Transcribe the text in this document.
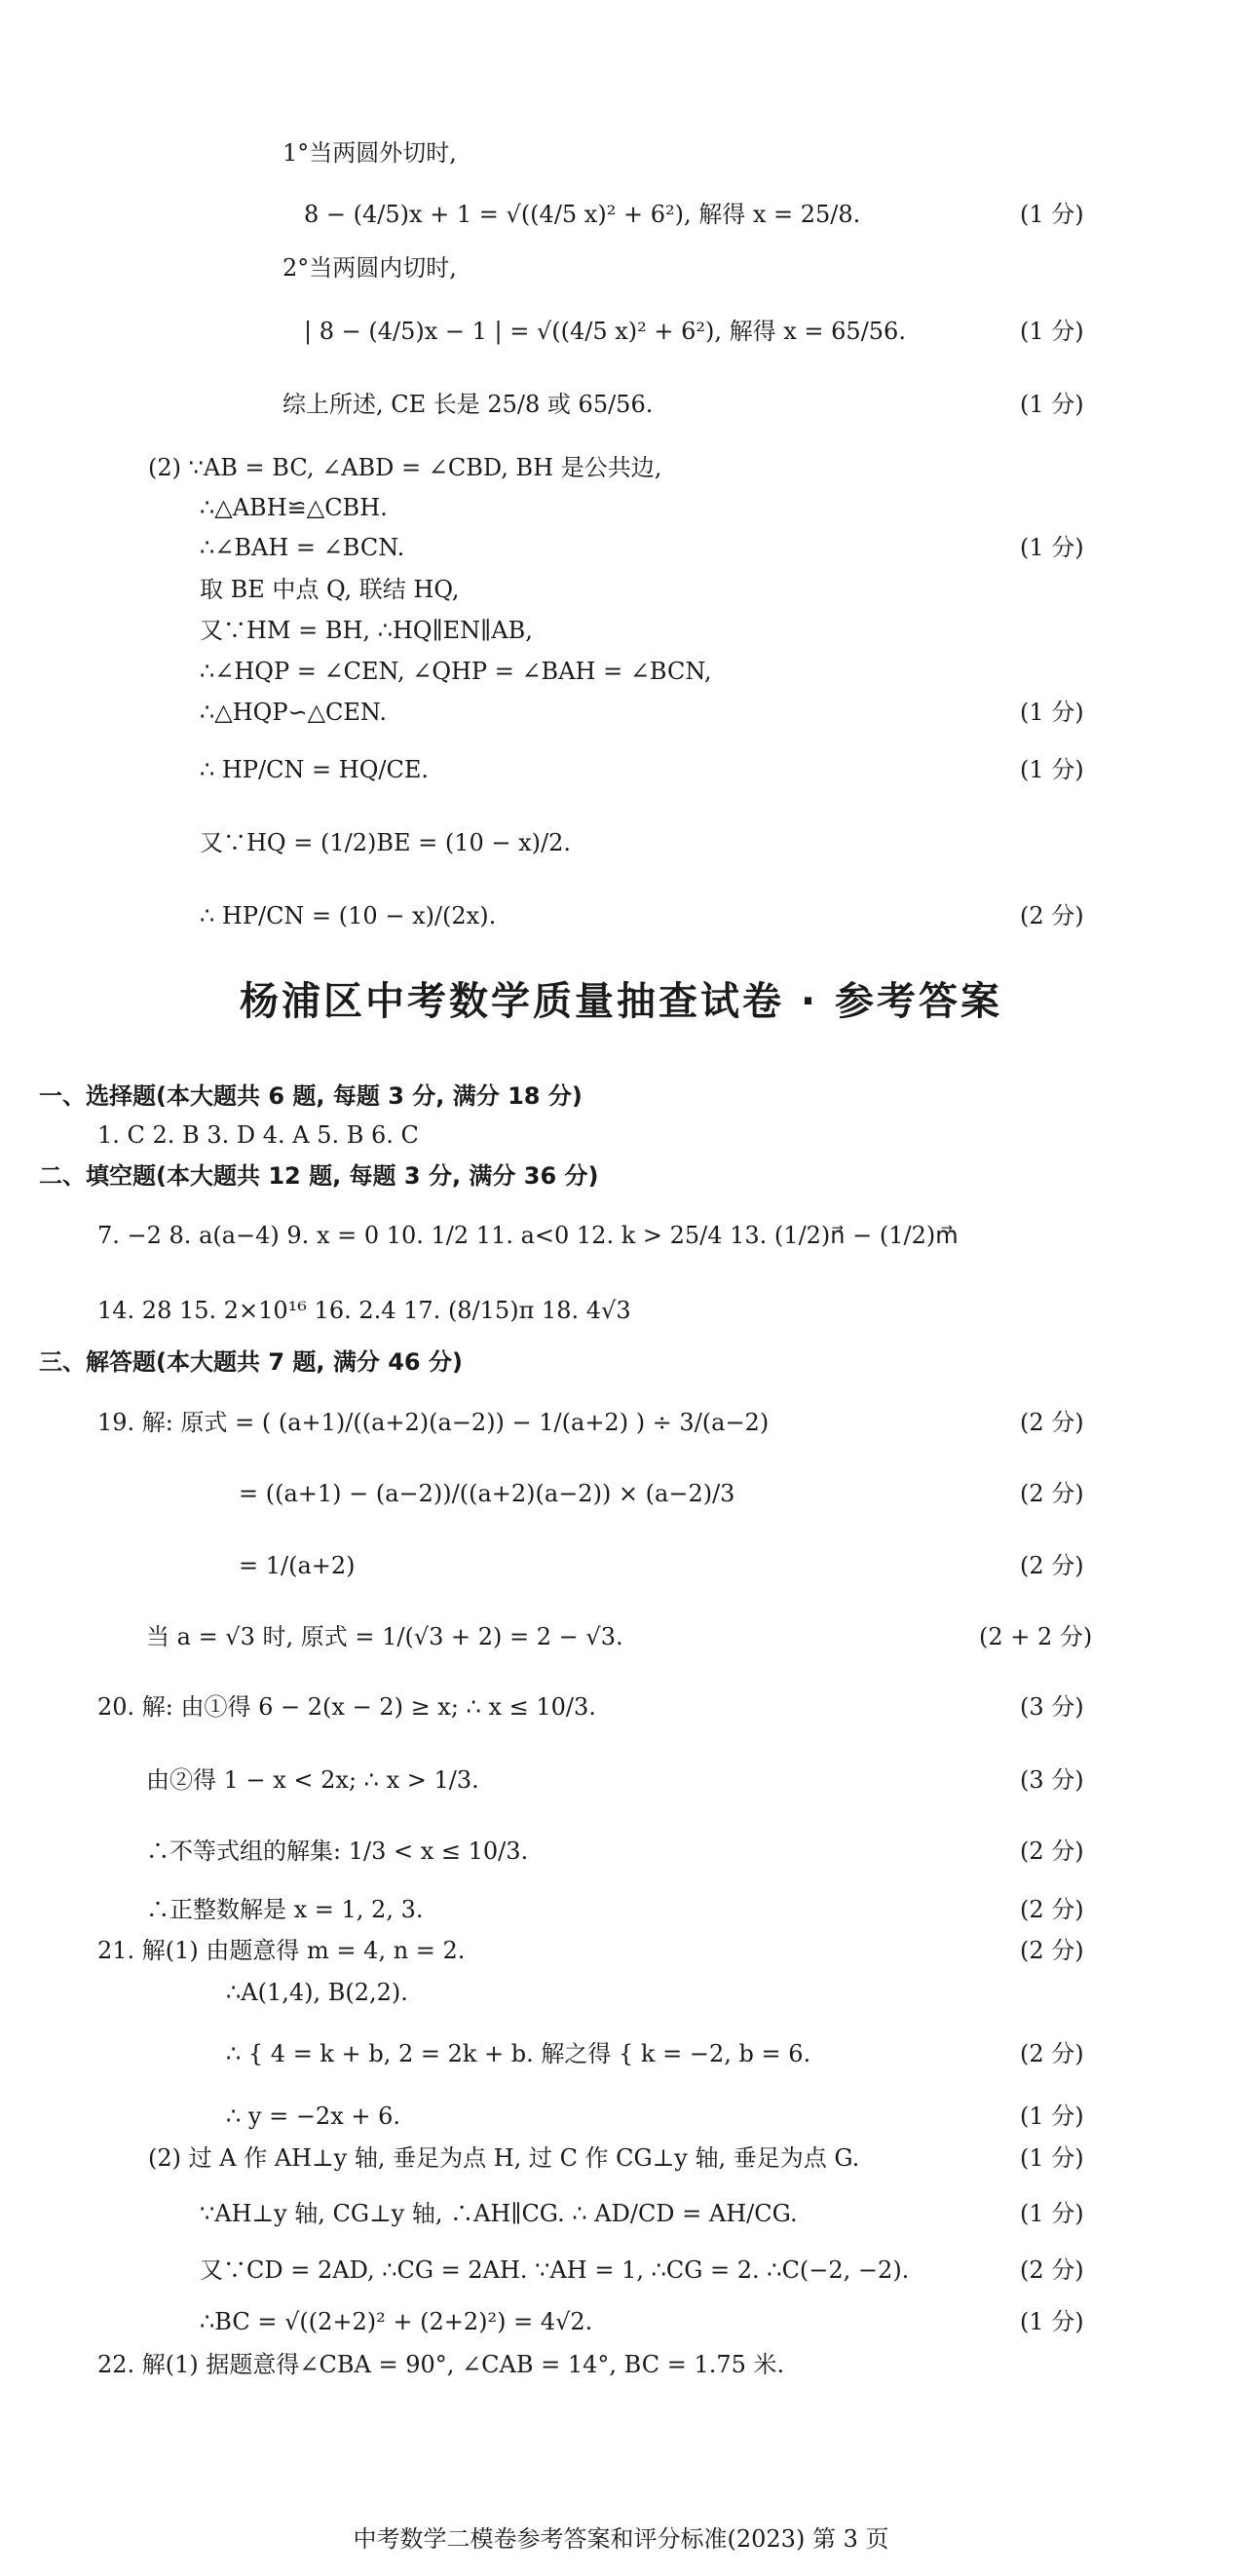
1°当两圆外切时,
8 − (4/5)x + 1 = √((4/5 x)² + 6²), 解得 x = 25/8.	(1 分)
2°当两圆内切时,
| 8 − (4/5)x − 1 | = √((4/5 x)² + 6²), 解得 x = 65/56.	(1 分)
综上所述, CE 长是 25/8 或 65/56.	(1 分)
(2) ∵AB = BC, ∠ABD = ∠CBD, BH 是公共边,
∴△ABH≌△CBH.
∴∠BAH = ∠BCN.	(1 分)
取 BE 中点 Q, 联结 HQ,
又∵HM = BH, ∴HQ∥EN∥AB,
∴∠HQP = ∠CEN, ∠QHP = ∠BAH = ∠BCN,
∴△HQP∽△CEN.	(1 分)
∴ HP/CN = HQ/CE.	(1 分)
又∵HQ = (1/2)BE = (10 − x)/2.
∴ HP/CN = (10 − x)/(2x).	(2 分)
杨浦区中考数学质量抽查试卷 · 参考答案
一、选择题(本大题共 6 题, 每题 3 分, 满分 18 分)
1. C 2. B 3. D 4. A 5. B 6. C
二、填空题(本大题共 12 题, 每题 3 分, 满分 36 分)
7. −2 8. a(a−4) 9. x = 0 10. 1/2 11. a<0 12. k > 25/4 13. (1/2)n⃗ − (1/2)m⃗
14. 28 15. 2×10¹⁶ 16. 2.4 17. (8/15)π 18. 4√3
三、解答题(本大题共 7 题, 满分 46 分)
19. 解: 原式 = ( (a+1)/((a+2)(a−2)) − 1/(a+2) ) ÷ 3/(a−2)	(2 分)
= ((a+1) − (a−2))/((a+2)(a−2)) × (a−2)/3	(2 分)
= 1/(a+2)	(2 分)
当 a = √3 时, 原式 = 1/(√3 + 2) = 2 − √3.	(2 + 2 分)
20. 解: 由①得 6 − 2(x − 2) ≥ x; ∴ x ≤ 10/3.	(3 分)
由②得 1 − x < 2x; ∴ x > 1/3.	(3 分)
∴不等式组的解集: 1/3 < x ≤ 10/3.	(2 分)
∴正整数解是 x = 1, 2, 3.	(2 分)
21. 解(1) 由题意得 m = 4, n = 2.	(2 分)
∴A(1,4), B(2,2).
∴ { 4 = k + b, 2 = 2k + b. 解之得 { k = −2, b = 6.	(2 分)
∴ y = −2x + 6.	(1 分)
(2) 过 A 作 AH⊥y 轴, 垂足为点 H, 过 C 作 CG⊥y 轴, 垂足为点 G.	(1 分)
∵AH⊥y 轴, CG⊥y 轴, ∴AH∥CG. ∴ AD/CD = AH/CG.	(1 分)
又∵CD = 2AD, ∴CG = 2AH. ∵AH = 1, ∴CG = 2. ∴C(−2, −2).	(2 分)
∴BC = √((2+2)² + (2+2)²) = 4√2.	(1 分)
22. 解(1) 据题意得∠CBA = 90°, ∠CAB = 14°, BC = 1.75 米.
中考数学二模卷参考答案和评分标准(2023) 第 3 页
